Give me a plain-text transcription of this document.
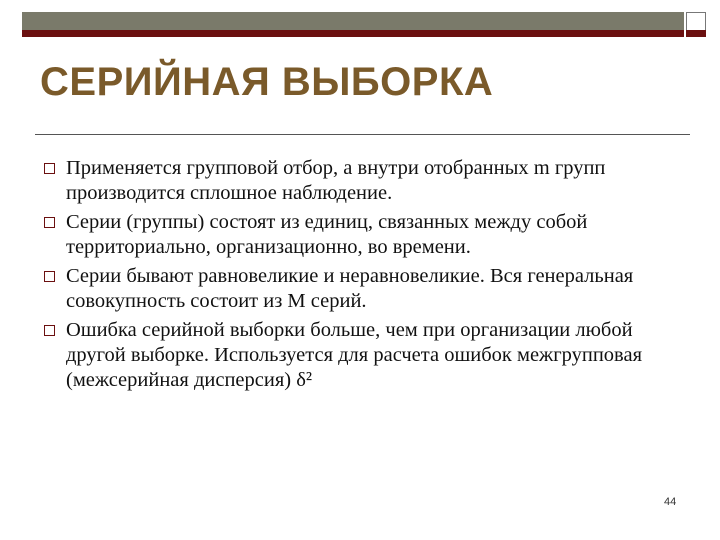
СЕРИЙНАЯ ВЫБОРКА
Применяется групповой отбор, а внутри отобранных m групп производится сплошное наблюдение.
Серии (группы) состоят из единиц, связанных между собой территориально, организационно, во времени.
Серии бывают равновеликие и неравновеликие. Вся генеральная совокупность состоит из М серий.
Ошибка серийной выборки больше, чем при организации любой другой выборке. Используется для расчета ошибок межгрупповая (межсерийная дисперсия) δ²
44
